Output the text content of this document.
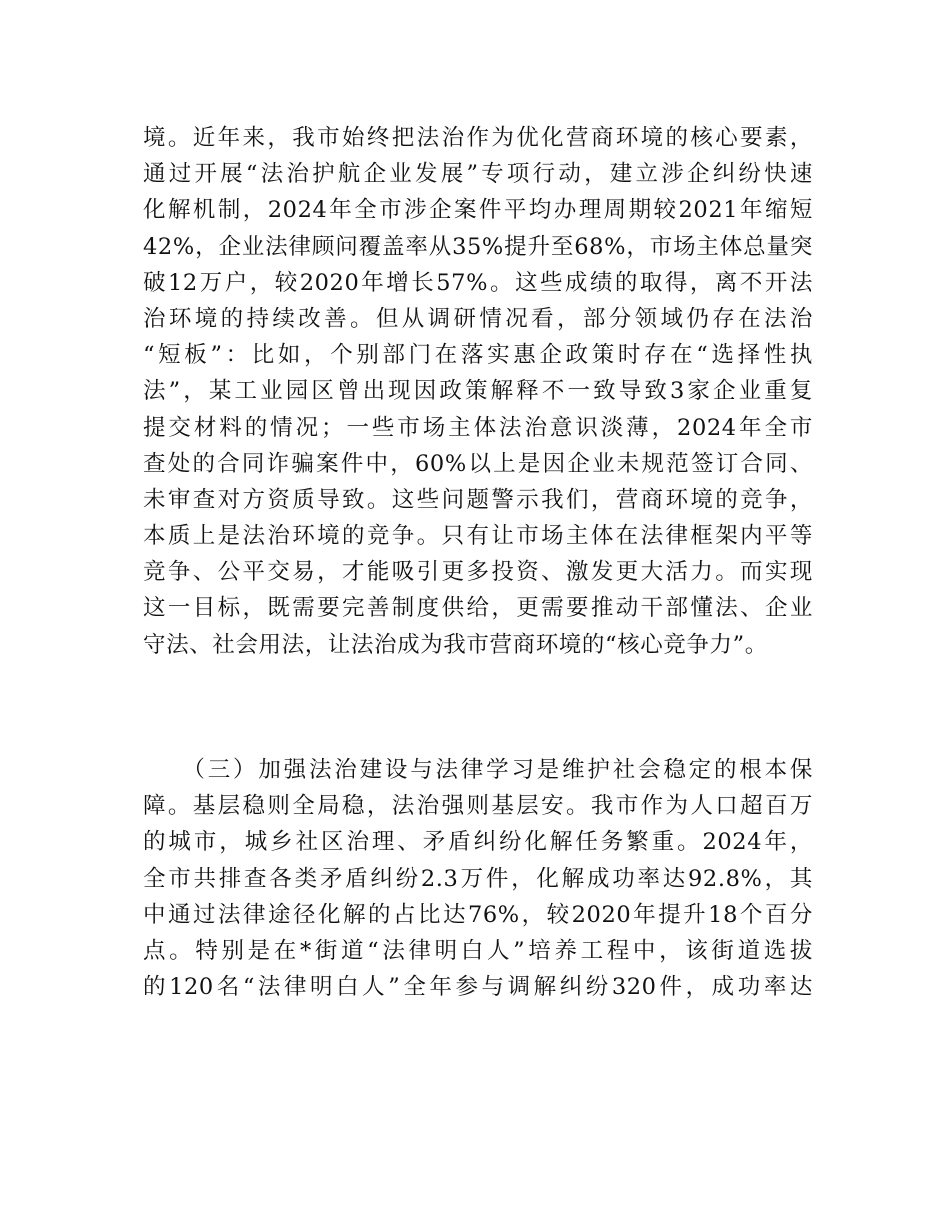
境。近年来，我市始终把法治作为优化营商环境的核心要素，
通过开展“法治护航企业发展”专项行动，建立涉企纠纷快速
化解机制，2024年全市涉企案件平均办理周期较2021年缩短
42%，企业法律顾问覆盖率从35%提升至68%，市场主体总量突
破12万户，较2020年增长57%。这些成绩的取得，离不开法
治环境的持续改善。但从调研情况看，部分领域仍存在法治
“短板”：比如，个别部门在落实惠企政策时存在“选择性执
法”，某工业园区曾出现因政策解释不一致导致3家企业重复
提交材料的情况；一些市场主体法治意识淡薄，2024年全市
查处的合同诈骗案件中，60%以上是因企业未规范签订合同、
未审查对方资质导致。这些问题警示我们，营商环境的竞争，
本质上是法治环境的竞争。只有让市场主体在法律框架内平等
竞争、公平交易，才能吸引更多投资、激发更大活力。而实现
这一目标，既需要完善制度供给，更需要推动干部懂法、企业
守法、社会用法，让法治成为我市营商环境的“核心竞争力”。
　　（三）加强法治建设与法律学习是维护社会稳定的根本保
障。基层稳则全局稳，法治强则基层安。我市作为人口超百万
的城市，城乡社区治理、矛盾纠纷化解任务繁重。2024年，
全市共排查各类矛盾纠纷2.3万件，化解成功率达92.8%，其
中通过法律途径化解的占比达76%，较2020年提升18个百分
点。特别是在*街道“法律明白人”培养工程中，该街道选拔
的120名“法律明白人”全年参与调解纠纷320件，成功率达
